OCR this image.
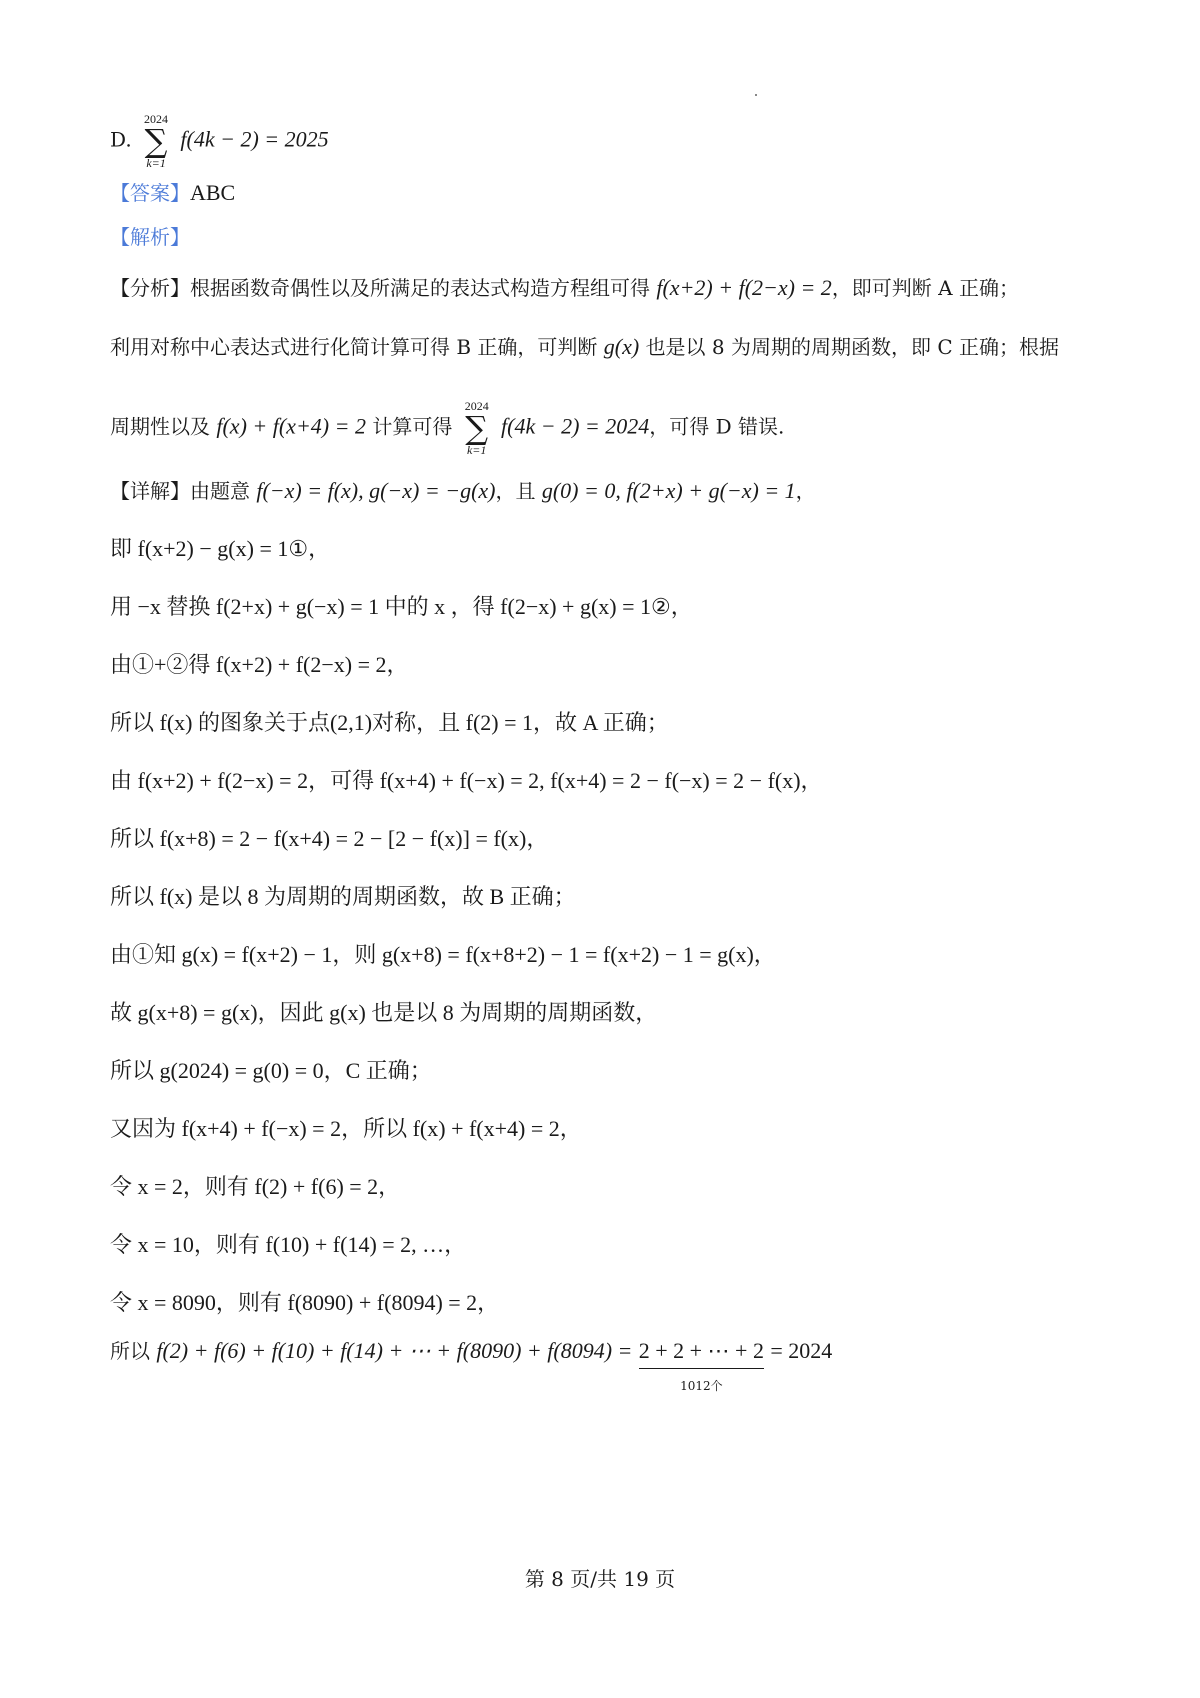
D.
2024
∑
k=1
f(4k − 2) = 2025
【答案】ABC
【解析】
【分析】根据函数奇偶性以及所满足的表达式构造方程组可得 f(x+2) + f(2−x) = 2，即可判断 A 正确；
利用对称中心表达式进行化简计算可得 B 正确，可判断 g(x) 也是以 8 为周期的周期函数，即 C 正确；根据
周期性以及 f(x) + f(x+4) = 2 计算可得
2024
∑
k=1
f(4k − 2) = 2024，可得 D 错误.
【详解】由题意 f(−x) = f(x), g(−x) = −g(x)，且 g(0) = 0, f(2+x) + g(−x) = 1，
即 f(x+2) − g(x) = 1①，
用 −x 替换 f(2+x) + g(−x) = 1 中的 x ，得 f(2−x) + g(x) = 1②，
由①+②得 f(x+2) + f(2−x) = 2，
所以 f(x) 的图象关于点(2,1)对称，且 f(2) = 1，故 A 正确；
由 f(x+2) + f(2−x) = 2，可得 f(x+4) + f(−x) = 2, f(x+4) = 2 − f(−x) = 2 − f(x)，
所以 f(x+8) = 2 − f(x+4) = 2 − [2 − f(x)] = f(x)，
所以 f(x) 是以 8 为周期的周期函数，故 B 正确；
由①知 g(x) = f(x+2) − 1，则 g(x+8) = f(x+8+2) − 1 = f(x+2) − 1 = g(x)，
故 g(x+8) = g(x)，因此 g(x) 也是以 8 为周期的周期函数，
所以 g(2024) = g(0) = 0，C 正确；
又因为 f(x+4) + f(−x) = 2，所以 f(x) + f(x+4) = 2，
令 x = 2，则有 f(2) + f(6) = 2，
令 x = 10，则有 f(10) + f(14) = 2, …，
令 x = 8090，则有 f(8090) + f(8094) = 2，
所以 f(2) + f(6) + f(10) + f(14) + ⋯ + f(8090) + f(8094) = 2 + 2 + ⋯ + 2
1012个
= 2024
第 8 页/共 19 页
